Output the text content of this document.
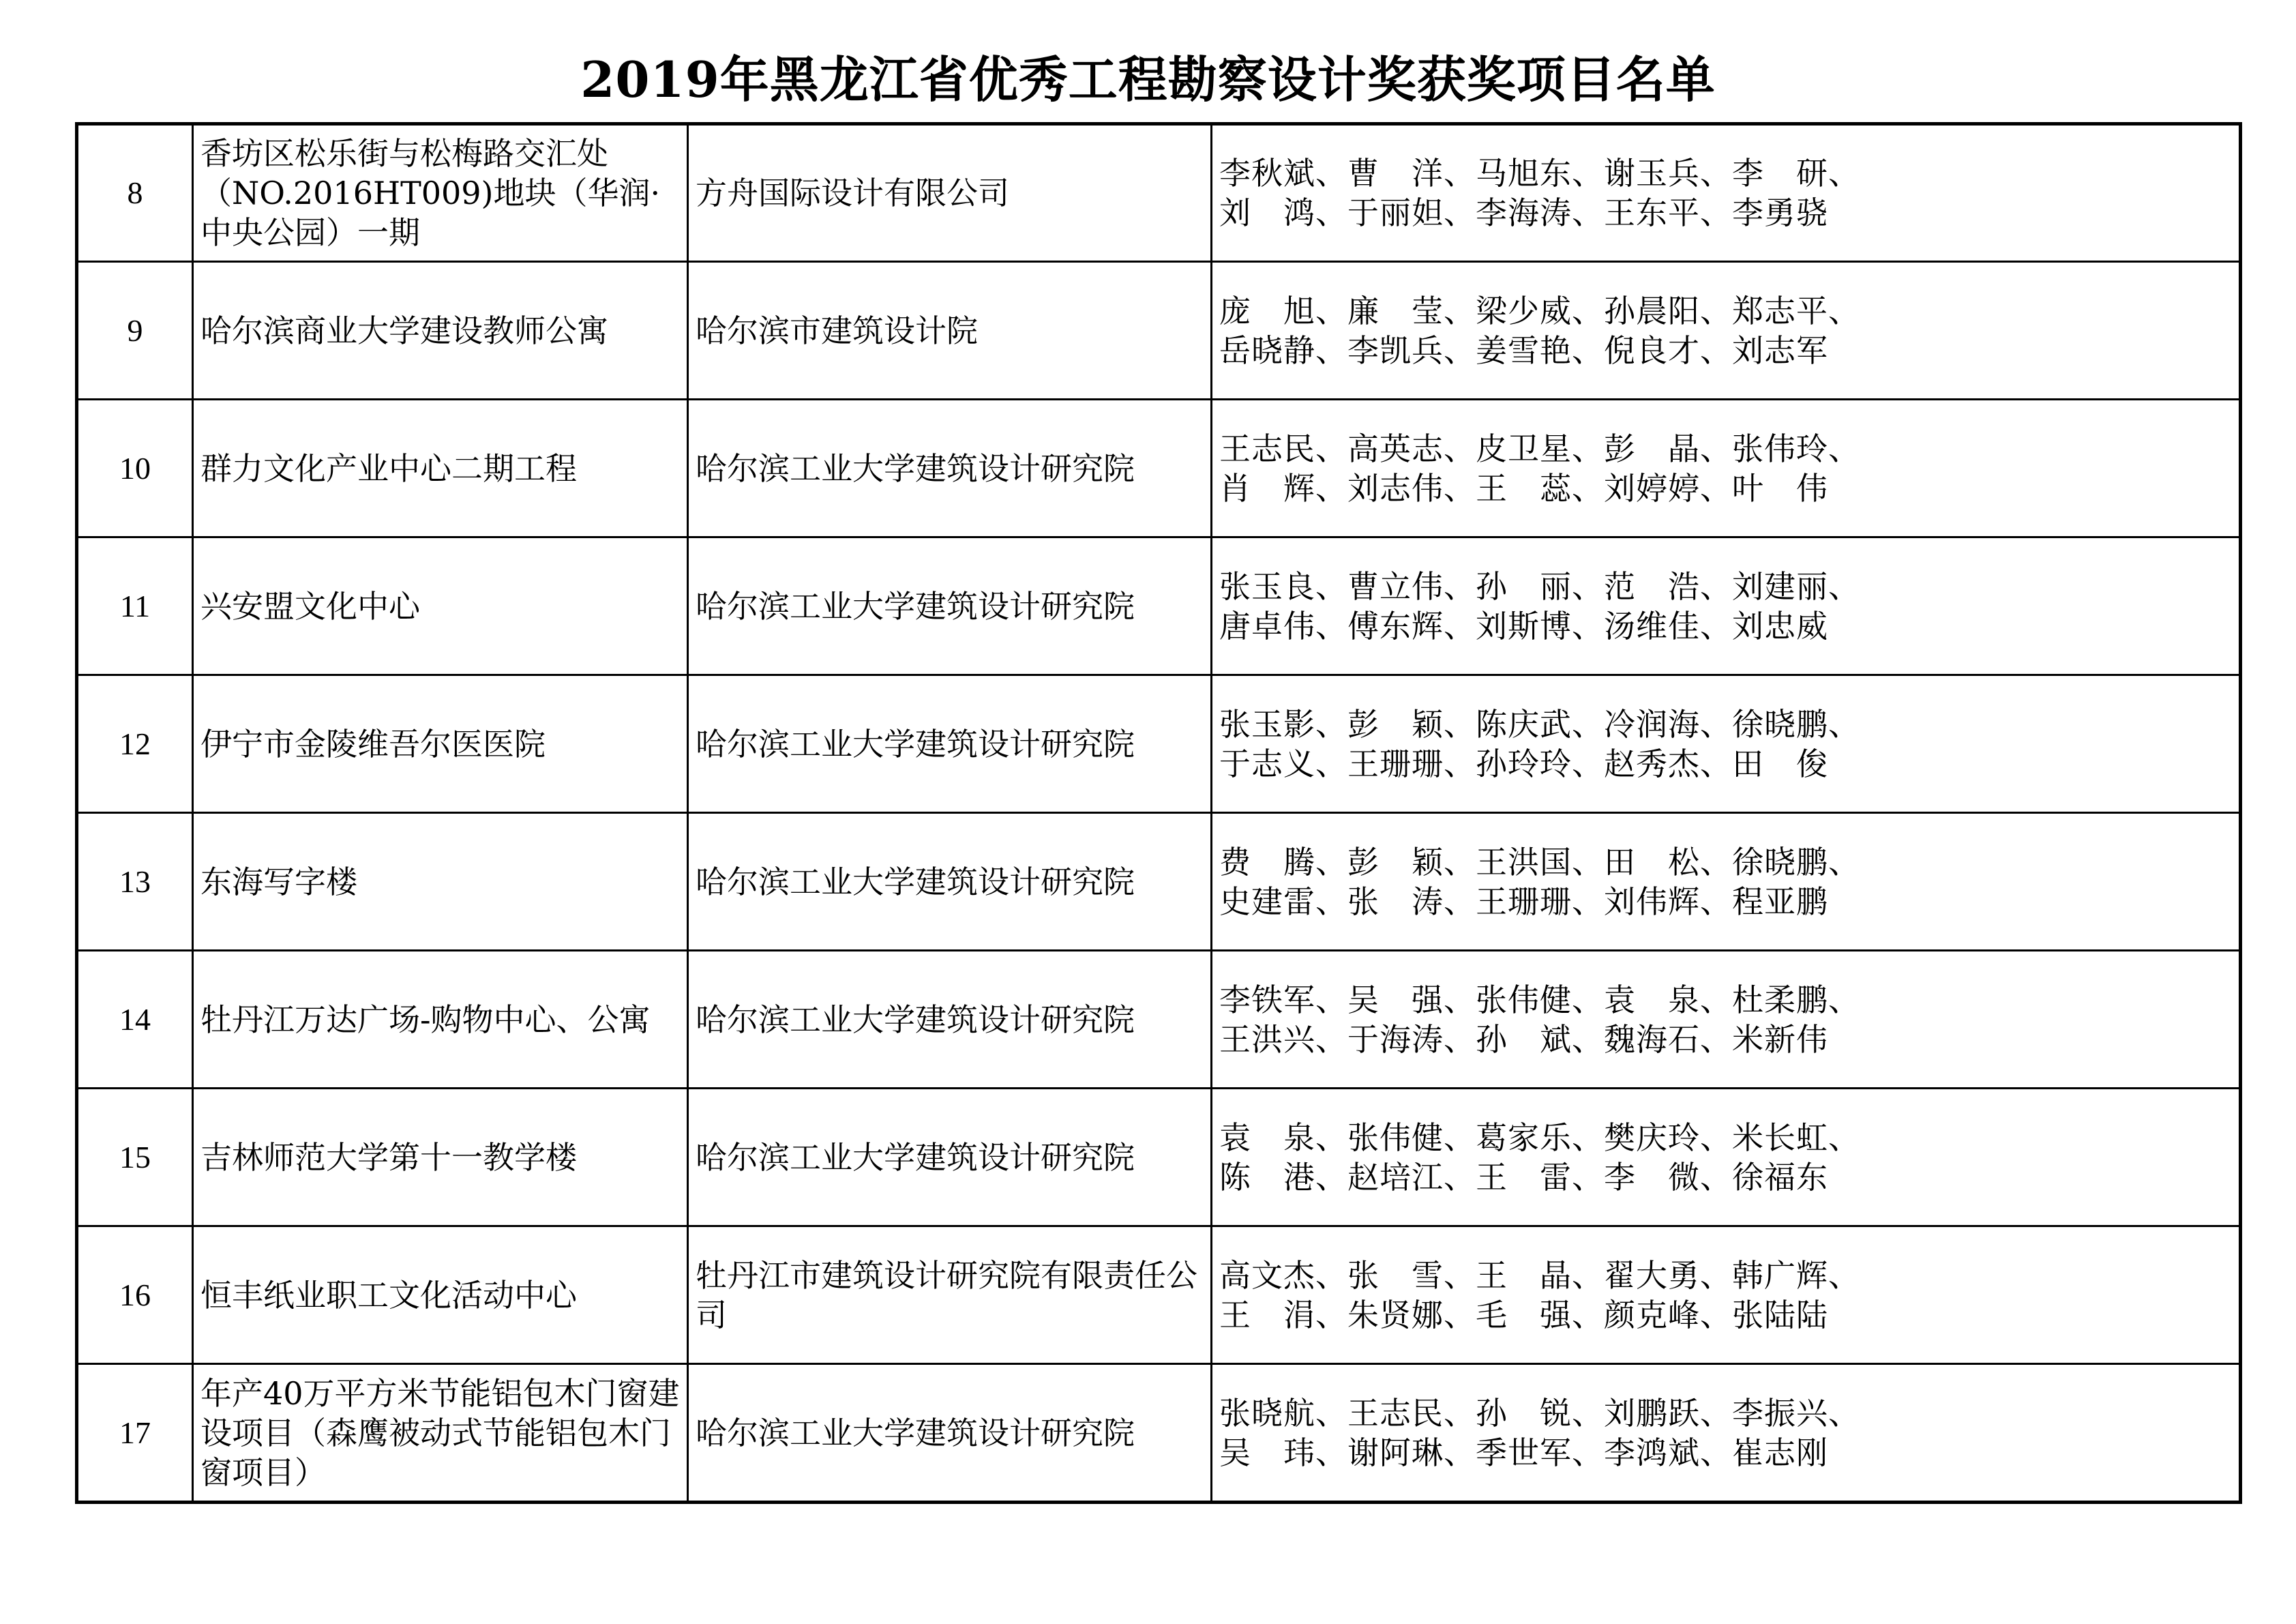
2019年黑龙江省优秀工程勘察设计奖获奖项目名单
8	香坊区松乐街与松梅路交汇处（NO.2016HT009)地块（华润·中央公园）一期	方舟国际设计有限公司	李秋斌、曹　洋、马旭东、谢玉兵、李　研、
刘　鸿、于丽妲、李海涛、王东平、李勇骁

9	哈尔滨商业大学建设教师公寓	哈尔滨市建筑设计院	庞　旭、廉　莹、梁少威、孙晨阳、郑志平、
岳晓静、李凯兵、姜雪艳、倪良才、刘志军

10	群力文化产业中心二期工程	哈尔滨工业大学建筑设计研究院	王志民、高英志、皮卫星、彭　晶、张伟玲、
肖　辉、刘志伟、王　蕊、刘婷婷、叶　伟

11	兴安盟文化中心	哈尔滨工业大学建筑设计研究院	张玉良、曹立伟、孙　丽、范　浩、刘建丽、
唐卓伟、傅东辉、刘斯博、汤维佳、刘忠威

12	伊宁市金陵维吾尔医医院	哈尔滨工业大学建筑设计研究院	张玉影、彭　颖、陈庆武、冷润海、徐晓鹏、
于志义、王珊珊、孙玲玲、赵秀杰、田　俊

13	东海写字楼	哈尔滨工业大学建筑设计研究院	费　腾、彭　颖、王洪国、田　松、徐晓鹏、
史建雷、张　涛、王珊珊、刘伟辉、程亚鹏

14	牡丹江万达广场-购物中心、公寓	哈尔滨工业大学建筑设计研究院	李铁军、吴　强、张伟健、袁　泉、杜柔鹏、
王洪兴、于海涛、孙　斌、魏海石、米新伟

15	吉林师范大学第十一教学楼	哈尔滨工业大学建筑设计研究院	袁　泉、张伟健、葛家乐、樊庆玲、米长虹、
陈　港、赵培江、王　雷、李　微、徐福东

16	恒丰纸业职工文化活动中心	牡丹江市建筑设计研究院有限责任公司	高文杰、张　雪、王　晶、翟大勇、韩广辉、
王　涓、朱贤娜、毛　强、颜克峰、张陆陆

17	年产40万平方米节能铝包木门窗建设项目（森鹰被动式节能铝包木门窗项目）	哈尔滨工业大学建筑设计研究院	张晓航、王志民、孙　锐、刘鹏跃、李振兴、
吴　玮、谢阿琳、季世军、李鸿斌、崔志刚
